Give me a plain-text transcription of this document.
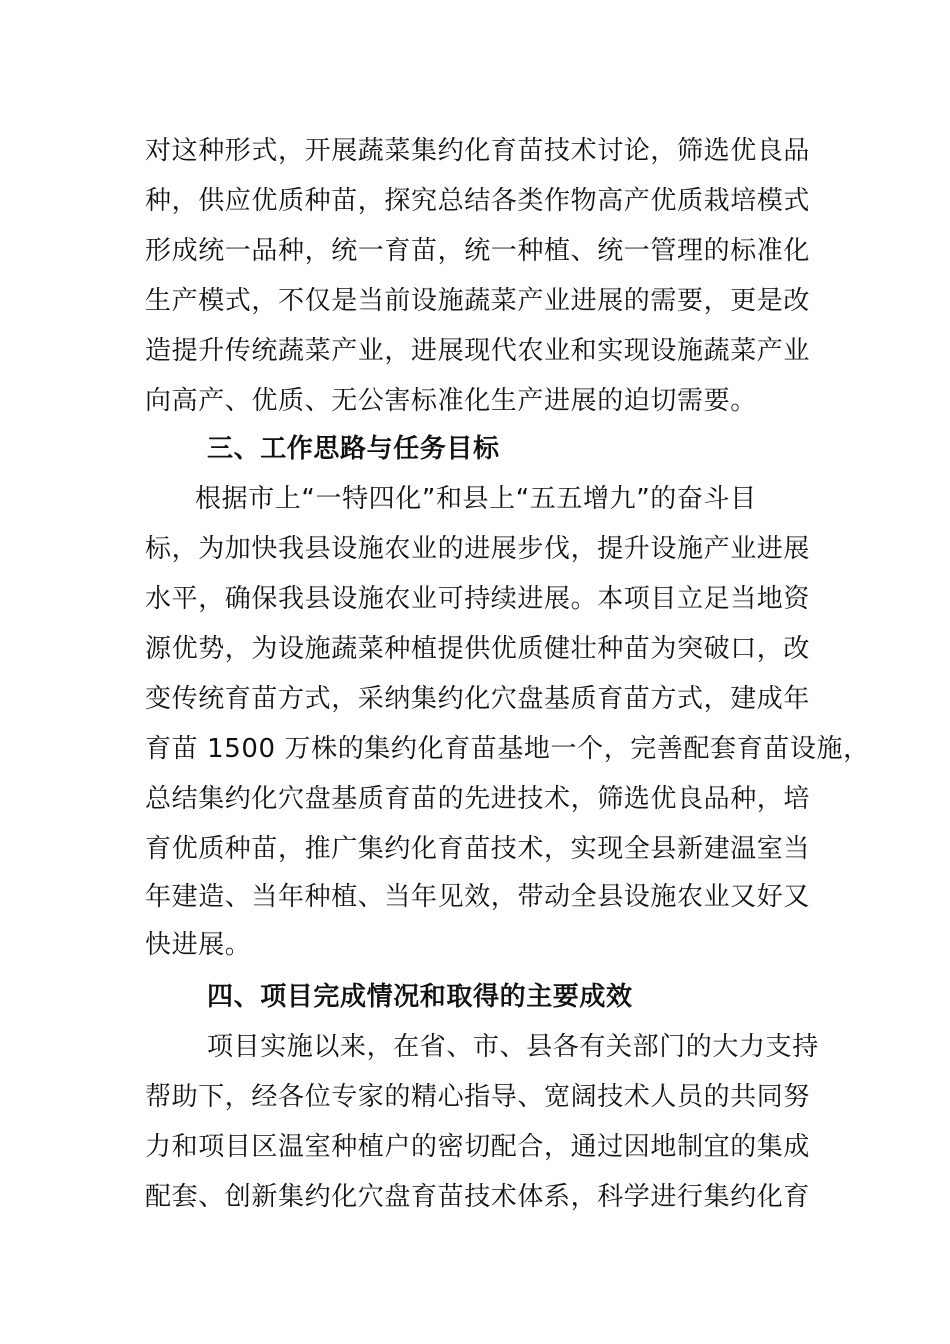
对这种形式，开展蔬菜集约化育苗技术讨论，筛选优良品
种，供应优质种苗，探究总结各类作物高产优质栽培模式
形成统一品种，统一育苗，统一种植、统一管理的标准化
生产模式，不仅是当前设施蔬菜产业进展的需要，更是改
造提升传统蔬菜产业，进展现代农业和实现设施蔬菜产业
向高产、优质、无公害标准化生产进展的迫切需要。
三、工作思路与任务目标
根据市上“一特四化”和县上“五五增九”的奋斗目
标，为加快我县设施农业的进展步伐，提升设施产业进展
水平，确保我县设施农业可持续进展。本项目立足当地资
源优势，为设施蔬菜种植提供优质健壮种苗为突破口，改
变传统育苗方式，采纳集约化穴盘基质育苗方式，建成年
育苗 1500 万株的集约化育苗基地一个，完善配套育苗设施，
总结集约化穴盘基质育苗的先进技术，筛选优良品种，培
育优质种苗，推广集约化育苗技术，实现全县新建温室当
年建造、当年种植、当年见效，带动全县设施农业又好又
快进展。
四、项目完成情况和取得的主要成效
项目实施以来，在省、市、县各有关部门的大力支持
帮助下，经各位专家的精心指导、宽阔技术人员的共同努
力和项目区温室种植户的密切配合，通过因地制宜的集成
配套、创新集约化穴盘育苗技术体系，科学进行集约化育
